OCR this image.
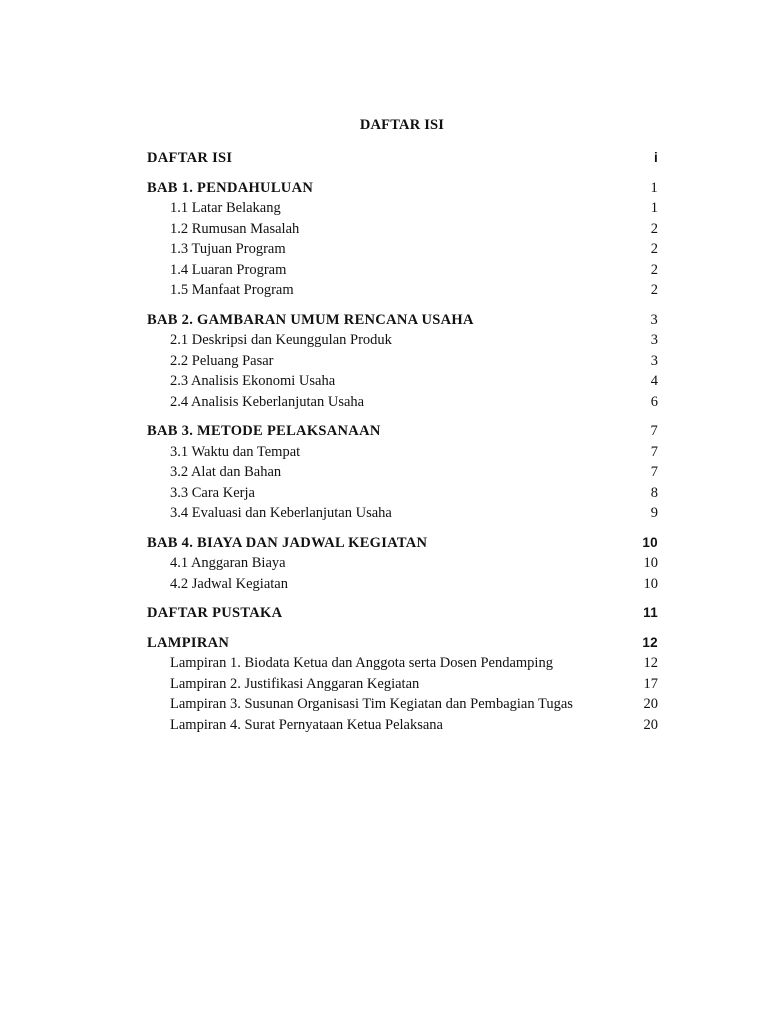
DAFTAR ISI
DAFTAR ISI	i
BAB 1. PENDAHULUAN	1
1.1 Latar Belakang	1
1.2 Rumusan Masalah	2
1.3 Tujuan Program	2
1.4 Luaran Program	2
1.5 Manfaat Program	2
BAB 2. GAMBARAN UMUM RENCANA USAHA	3
2.1 Deskripsi dan Keunggulan Produk	3
2.2 Peluang Pasar	3
2.3 Analisis Ekonomi Usaha	4
2.4 Analisis Keberlanjutan Usaha	6
BAB 3. METODE PELAKSANAAN	7
3.1 Waktu dan Tempat	7
3.2 Alat dan Bahan	7
3.3 Cara Kerja	8
3.4 Evaluasi dan Keberlanjutan Usaha	9
BAB 4. BIAYA DAN JADWAL KEGIATAN	10
4.1 Anggaran Biaya	10
4.2 Jadwal Kegiatan	10
DAFTAR PUSTAKA	11
LAMPIRAN	12
Lampiran 1. Biodata Ketua dan Anggota serta Dosen Pendamping	12
Lampiran 2. Justifikasi Anggaran Kegiatan	17
Lampiran 3. Susunan Organisasi Tim Kegiatan dan Pembagian Tugas	20
Lampiran 4. Surat Pernyataan Ketua Pelaksana	20
